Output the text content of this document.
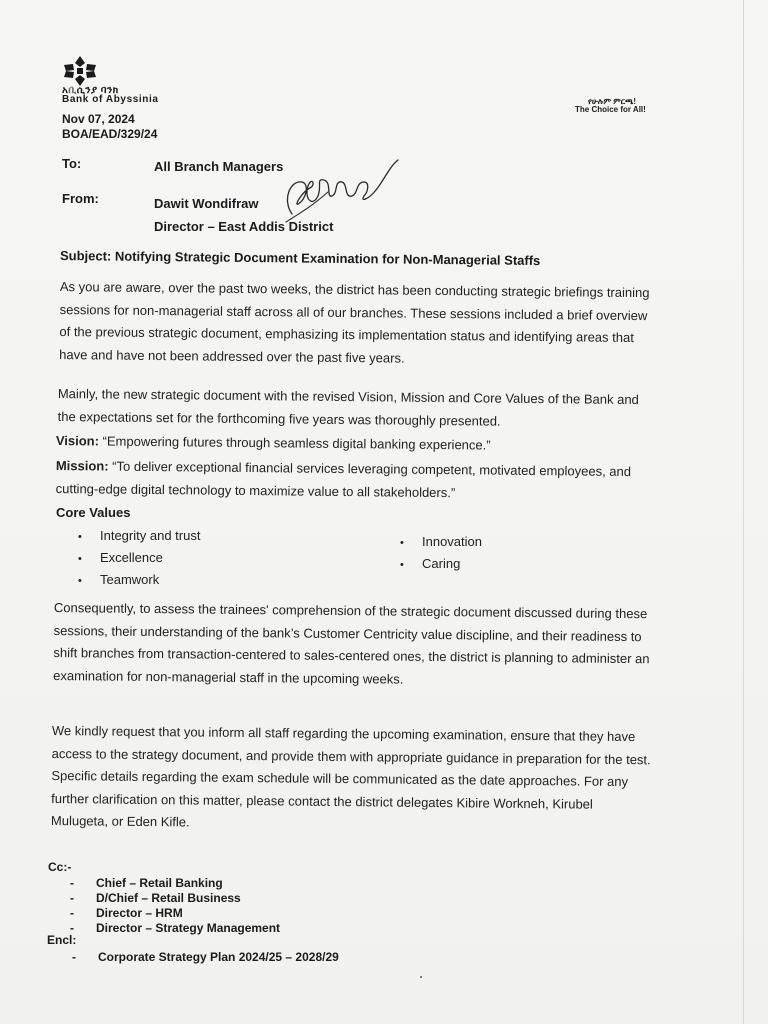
አቢሲንያ ባንክ
Bank of Abyssinia	የሁሉም ምርጫ!
The Choice for All!
Nov 07, 2024
BOA/EAD/329/24
To:	All Branch Managers
From:	Dawit Wondifraw
Director – East Addis District
Subject: Notifying Strategic Document Examination for Non-Managerial Staffs
As you are aware, over the past two weeks, the district has been conducting strategic briefings training sessions for non-managerial staff across all of our branches. These sessions included a brief overview of the previous strategic document, emphasizing its implementation status and identifying areas that have and have not been addressed over the past five years.
Mainly, the new strategic document with the revised Vision, Mission and Core Values of the Bank and the expectations set for the forthcoming five years was thoroughly presented.
Vision: “Empowering futures through seamless digital banking experience.”
Mission: “To deliver exceptional financial services leveraging competent, motivated employees, and cutting-edge digital technology to maximize value to all stakeholders.”
Core Values
• Integrity and trust
• Excellence
• Teamwork
• Innovation
• Caring
Consequently, to assess the trainees' comprehension of the strategic document discussed during these sessions, their understanding of the bank’s Customer Centricity value discipline, and their readiness to shift branches from transaction-centered to sales-centered ones, the district is planning to administer an examination for non-managerial staff in the upcoming weeks.
We kindly request that you inform all staff regarding the upcoming examination, ensure that they have access to the strategy document, and provide them with appropriate guidance in preparation for the test. Specific details regarding the exam schedule will be communicated as the date approaches. For any further clarification on this matter, please contact the district delegates Kibire Workneh, Kirubel Mulugeta, or Eden Kifle.
Cc:-
- Chief – Retail Banking
- D/Chief – Retail Business
- Director – HRM
- Director – Strategy Management
Encl:
- Corporate Strategy Plan 2024/25 – 2028/29
